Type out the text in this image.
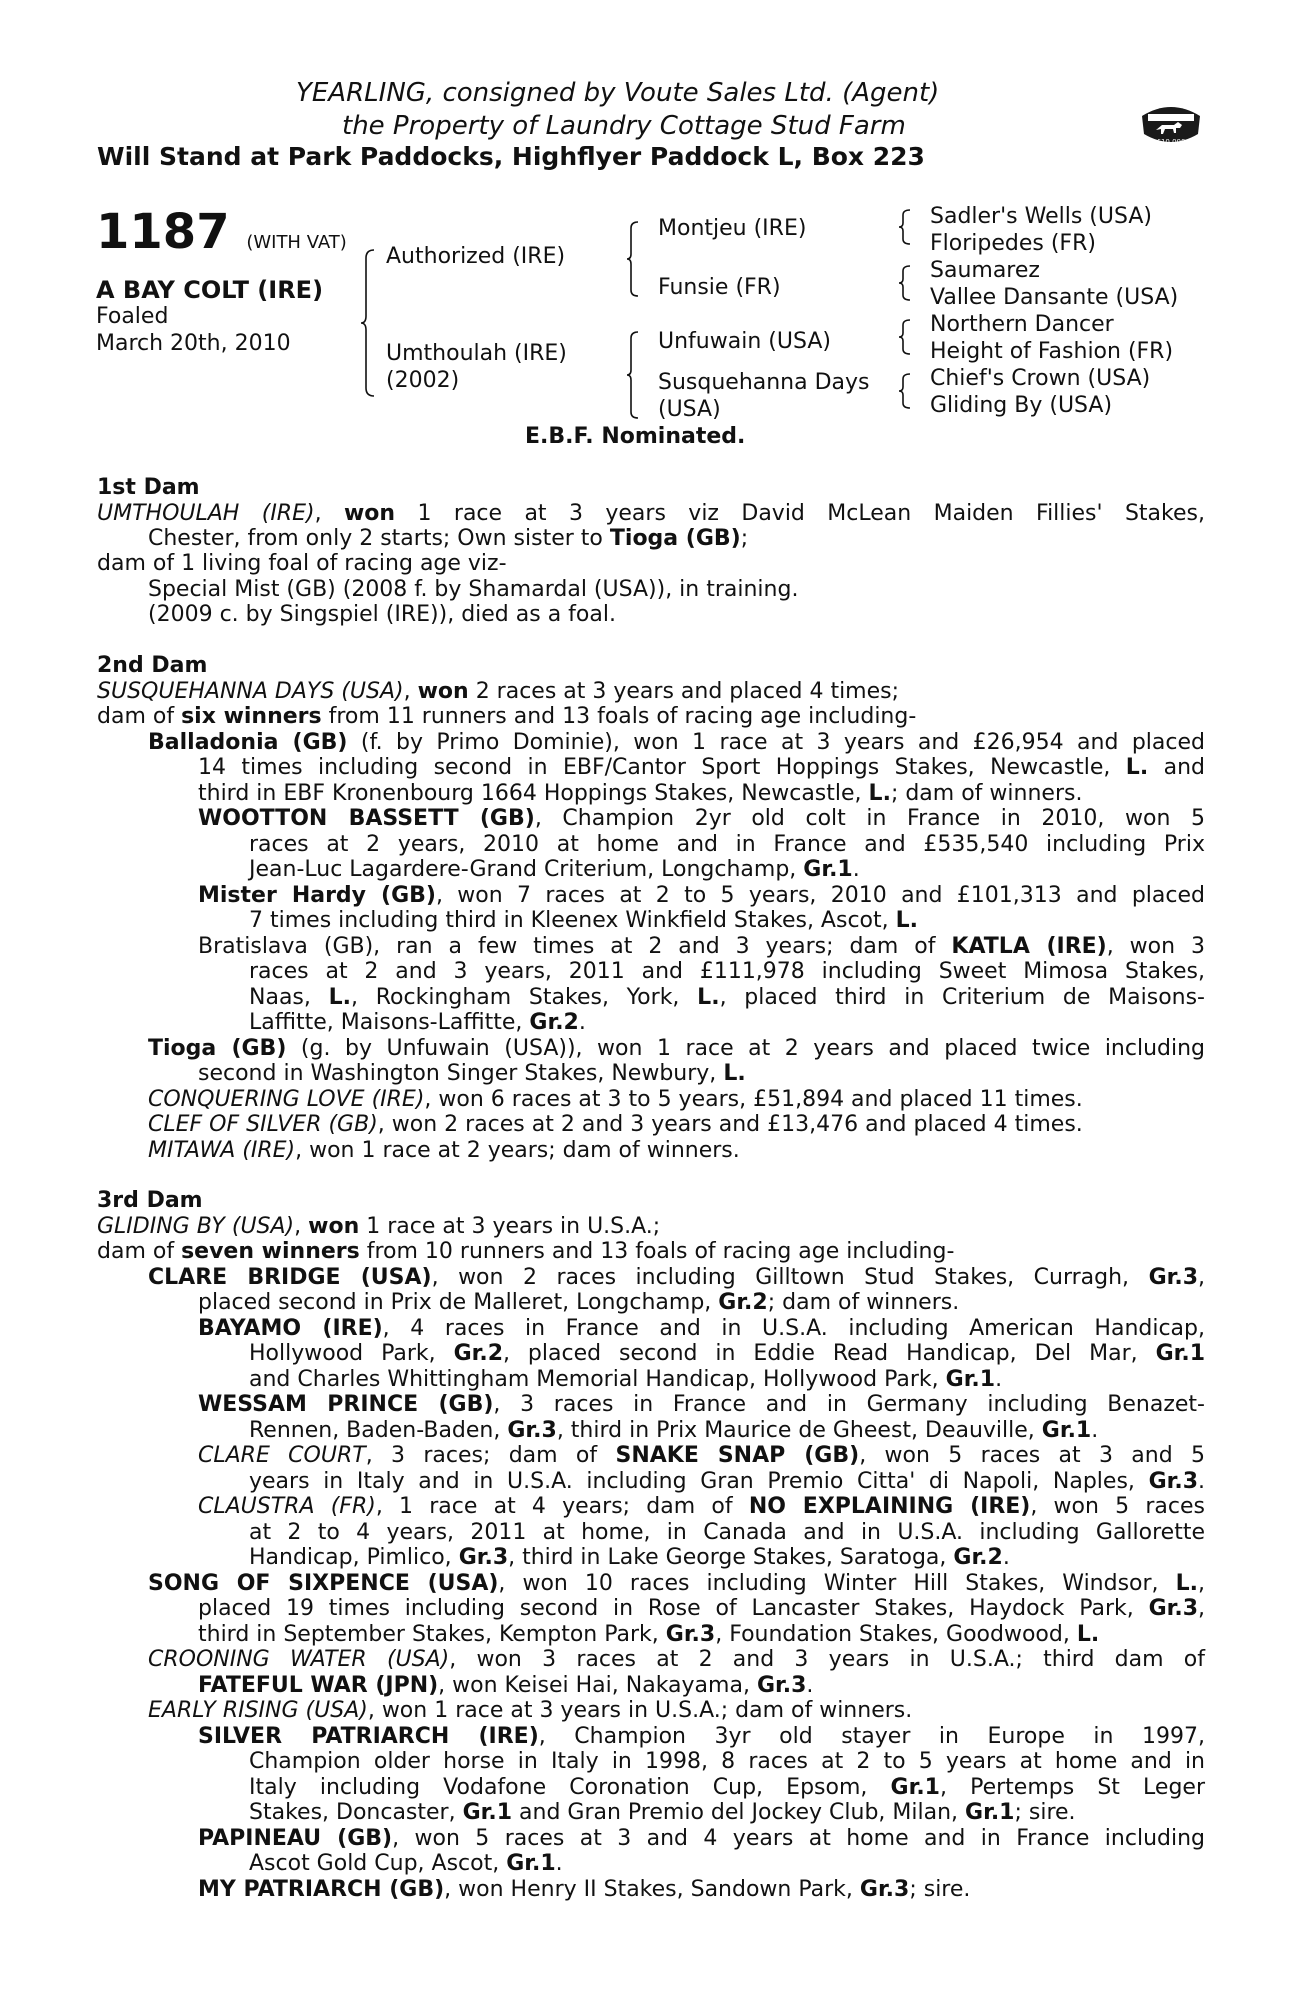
YEARLING, consigned by Voute Sales Ltd. (Agent)
the Property of Laundry Cottage Stud Farm
Will Stand at Park Paddocks, Highflyer Paddock L, Box 223	£10,000
1187 (WITH VAT)
A BAY COLT (IRE)
Foaled
March 20th, 2010
Authorized (IRE)
Umthoulah (IRE)
(2002)
Montjeu (IRE)
Funsie (FR)
Unfuwain (USA)
Susquehanna Days
(USA)
Sadler's Wells (USA)
Floripedes (FR)
Saumarez
Vallee Dansante (USA)
Northern Dancer
Height of Fashion (FR)
Chief's Crown (USA)
Gliding By (USA)
E.B.F. Nominated.
1st Dam
UMTHOULAH (IRE), won 1 race at 3 years viz David McLean Maiden Fillies' Stakes,
Chester, from only 2 starts; Own sister to Tioga (GB);
dam of 1 living foal of racing age viz-
Special Mist (GB) (2008 f. by Shamardal (USA)), in training.
(2009 c. by Singspiel (IRE)), died as a foal.
2nd Dam
SUSQUEHANNA DAYS (USA), won 2 races at 3 years and placed 4 times;
dam of six winners from 11 runners and 13 foals of racing age including-
Balladonia (GB) (f. by Primo Dominie), won 1 race at 3 years and £26,954 and placed
14 times including second in EBF/Cantor Sport Hoppings Stakes, Newcastle, L. and
third in EBF Kronenbourg 1664 Hoppings Stakes, Newcastle, L.; dam of winners.
WOOTTON BASSETT (GB), Champion 2yr old colt in France in 2010, won 5
races at 2 years, 2010 at home and in France and £535,540 including Prix
Jean-Luc Lagardere-Grand Criterium, Longchamp, Gr.1.
Mister Hardy (GB), won 7 races at 2 to 5 years, 2010 and £101,313 and placed
7 times including third in Kleenex Winkfield Stakes, Ascot, L.
Bratislava (GB), ran a few times at 2 and 3 years; dam of KATLA (IRE), won 3
races at 2 and 3 years, 2011 and £111,978 including Sweet Mimosa Stakes,
Naas, L., Rockingham Stakes, York, L., placed third in Criterium de Maisons-
Laffitte, Maisons-Laffitte, Gr.2.
Tioga (GB) (g. by Unfuwain (USA)), won 1 race at 2 years and placed twice including
second in Washington Singer Stakes, Newbury, L.
CONQUERING LOVE (IRE), won 6 races at 3 to 5 years, £51,894 and placed 11 times.
CLEF OF SILVER (GB), won 2 races at 2 and 3 years and £13,476 and placed 4 times.
MITAWA (IRE), won 1 race at 2 years; dam of winners.
3rd Dam
GLIDING BY (USA), won 1 race at 3 years in U.S.A.;
dam of seven winners from 10 runners and 13 foals of racing age including-
CLARE BRIDGE (USA), won 2 races including Gilltown Stud Stakes, Curragh, Gr.3,
placed second in Prix de Malleret, Longchamp, Gr.2; dam of winners.
BAYAMO (IRE), 4 races in France and in U.S.A. including American Handicap,
Hollywood Park, Gr.2, placed second in Eddie Read Handicap, Del Mar, Gr.1
and Charles Whittingham Memorial Handicap, Hollywood Park, Gr.1.
WESSAM PRINCE (GB), 3 races in France and in Germany including Benazet-
Rennen, Baden-Baden, Gr.3, third in Prix Maurice de Gheest, Deauville, Gr.1.
CLARE COURT, 3 races; dam of SNAKE SNAP (GB), won 5 races at 3 and 5
years in Italy and in U.S.A. including Gran Premio Citta' di Napoli, Naples, Gr.3.
CLAUSTRA (FR), 1 race at 4 years; dam of NO EXPLAINING (IRE), won 5 races
at 2 to 4 years, 2011 at home, in Canada and in U.S.A. including Gallorette
Handicap, Pimlico, Gr.3, third in Lake George Stakes, Saratoga, Gr.2.
SONG OF SIXPENCE (USA), won 10 races including Winter Hill Stakes, Windsor, L.,
placed 19 times including second in Rose of Lancaster Stakes, Haydock Park, Gr.3,
third in September Stakes, Kempton Park, Gr.3, Foundation Stakes, Goodwood, L.
CROONING WATER (USA), won 3 races at 2 and 3 years in U.S.A.; third dam of
FATEFUL WAR (JPN), won Keisei Hai, Nakayama, Gr.3.
EARLY RISING (USA), won 1 race at 3 years in U.S.A.; dam of winners.
SILVER PATRIARCH (IRE), Champion 3yr old stayer in Europe in 1997,
Champion older horse in Italy in 1998, 8 races at 2 to 5 years at home and in
Italy including Vodafone Coronation Cup, Epsom, Gr.1, Pertemps St Leger
Stakes, Doncaster, Gr.1 and Gran Premio del Jockey Club, Milan, Gr.1; sire.
PAPINEAU (GB), won 5 races at 3 and 4 years at home and in France including
Ascot Gold Cup, Ascot, Gr.1.
MY PATRIARCH (GB), won Henry II Stakes, Sandown Park, Gr.3; sire.
